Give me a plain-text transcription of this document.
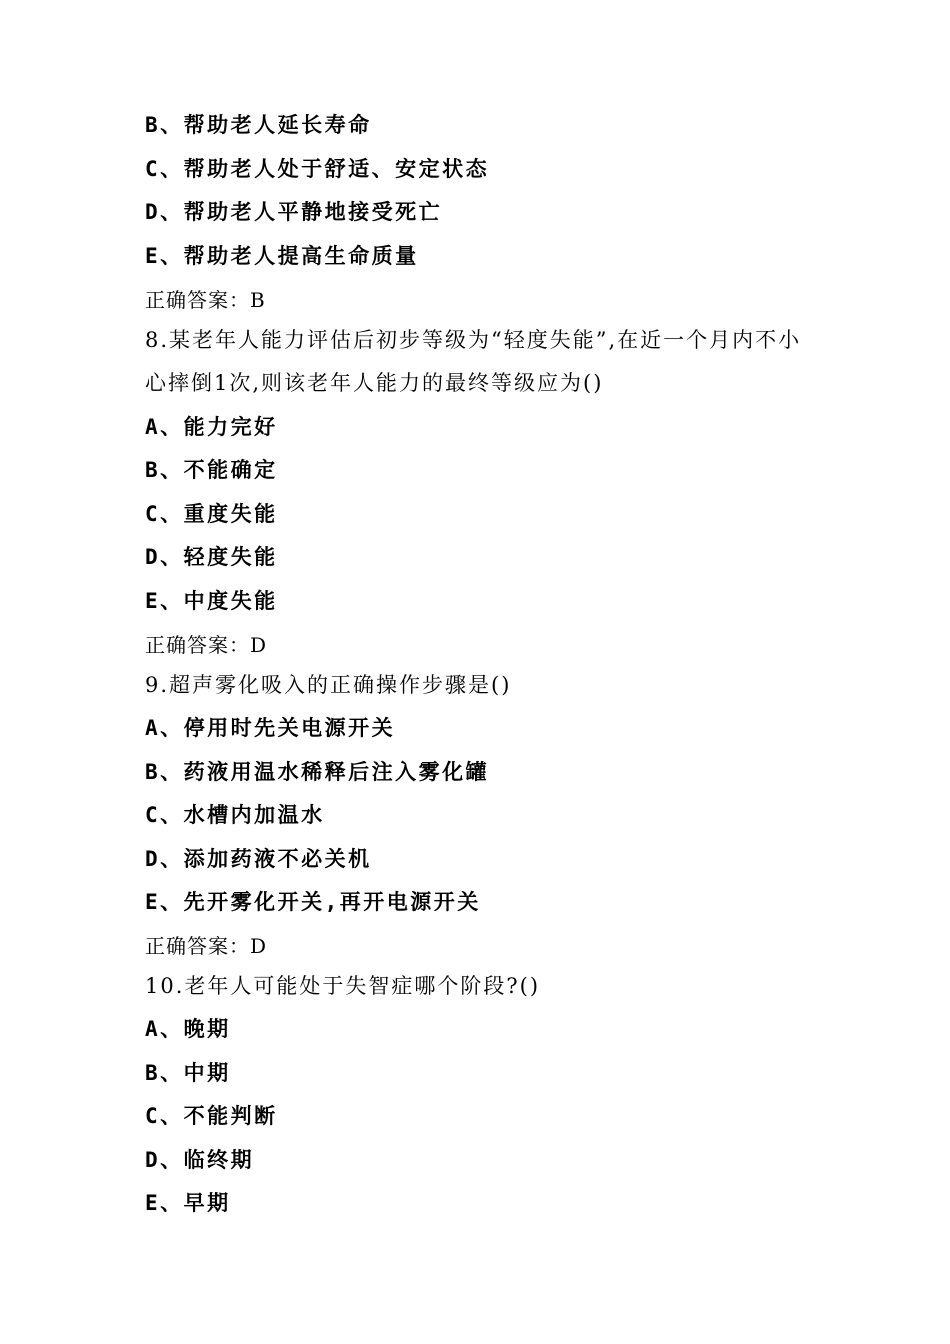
B、帮助老人延长寿命
C、帮助老人处于舒适、安定状态
D、帮助老人平静地接受死亡
E、帮助老人提高生命质量
正确答案：B
8.某老年人能力评估后初步等级为“轻度失能”,在近一个月内不小
心摔倒1次,则该老年人能力的最终等级应为()
A、能力完好
B、不能确定
C、重度失能
D、轻度失能
E、中度失能
正确答案：D
9.超声雾化吸入的正确操作步骤是()
A、停用时先关电源开关
B、药液用温水稀释后注入雾化罐
C、水槽内加温水
D、添加药液不必关机
E、先开雾化开关,再开电源开关
正确答案：D
10.老年人可能处于失智症哪个阶段?()
A、晚期
B、中期
C、不能判断
D、临终期
E、早期
